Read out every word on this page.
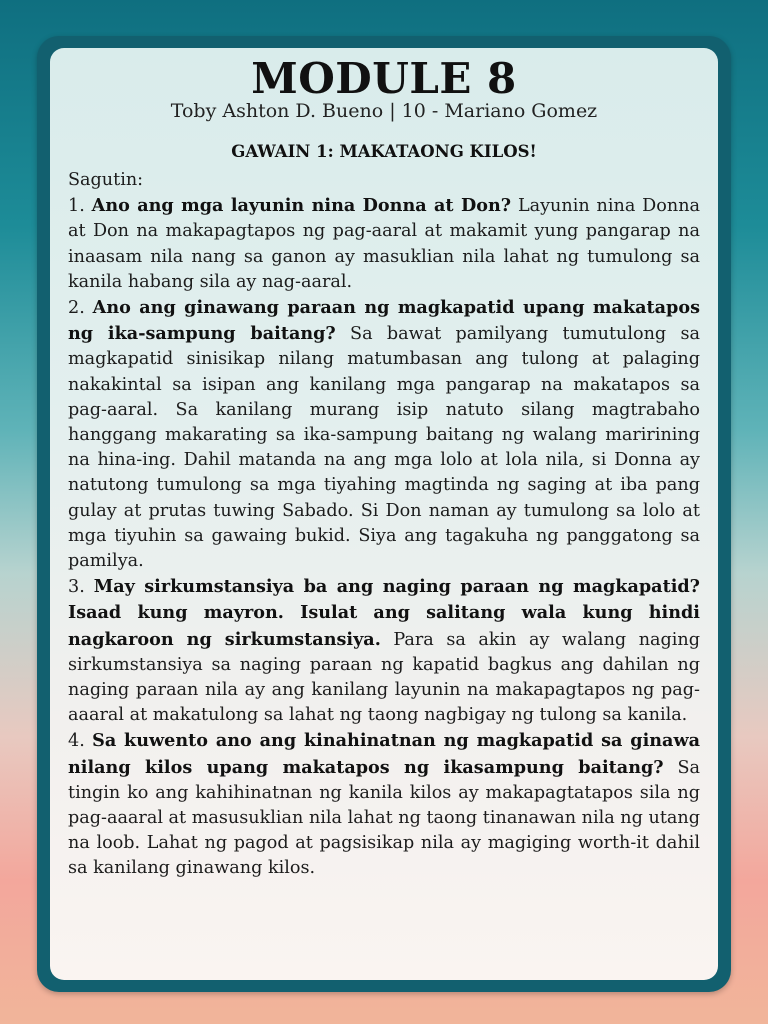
MODULE 8
Toby Ashton D. Bueno | 10 - Mariano Gomez
GAWAIN 1: MAKATAONG KILOS!

Sagutin:

1. Ano ang mga layunin nina Donna at Don? Layunin nina Donna at Don na makapagtapos ng pag-aaral at makamit yung pangarap na inaasam nila nang sa ganon ay masuklian nila lahat ng tumulong sa kanila habang sila ay nag-aaral.

2. Ano ang ginawang paraan ng magkapatid upang makatapos ng ika-sampung baitang? Sa bawat pamilyang tumutulong sa magkapatid sinisikap nilang matumbasan ang tulong at palaging nakakintal sa isipan ang kanilang mga pangarap na makatapos sa pag-aaral. Sa kanilang murang isip natuto silang magtrabaho hanggang makarating sa ika-sampung baitang ng walang maririning na hina-ing. Dahil matanda na ang mga lolo at lola nila, si Donna ay natutong tumulong sa mga tiyahing magtinda ng saging at iba pang gulay at prutas tuwing Sabado. Si Don naman ay tumulong sa lolo at mga tiyuhin sa gawaing bukid. Siya ang tagakuha ng panggatong sa pamilya.

3. May sirkumstansiya ba ang naging paraan ng magkapatid? Isaad kung mayron. Isulat ang salitang wala kung hindi nagkaroon ng sirkumstansiya. Para sa akin ay walang naging sirkumstansiya sa naging paraan ng kapatid bagkus ang dahilan ng naging paraan nila ay ang kanilang layunin na makapagtapos ng pag-aaaral at makatulong sa lahat ng taong nagbigay ng tulong sa kanila.

4. Sa kuwento ano ang kinahinatnan ng magkapatid sa ginawa nilang kilos upang makatapos ng ikasampung baitang? Sa tingin ko ang kahihinatnan ng kanila kilos ay makapagtatapos sila ng pag-aaaral at masusuklian nila lahat ng taong tinanawan nila ng utang na loob. Lahat ng pagod at pagsisikap nila ay magiging worth-it dahil sa kanilang ginawang kilos.
